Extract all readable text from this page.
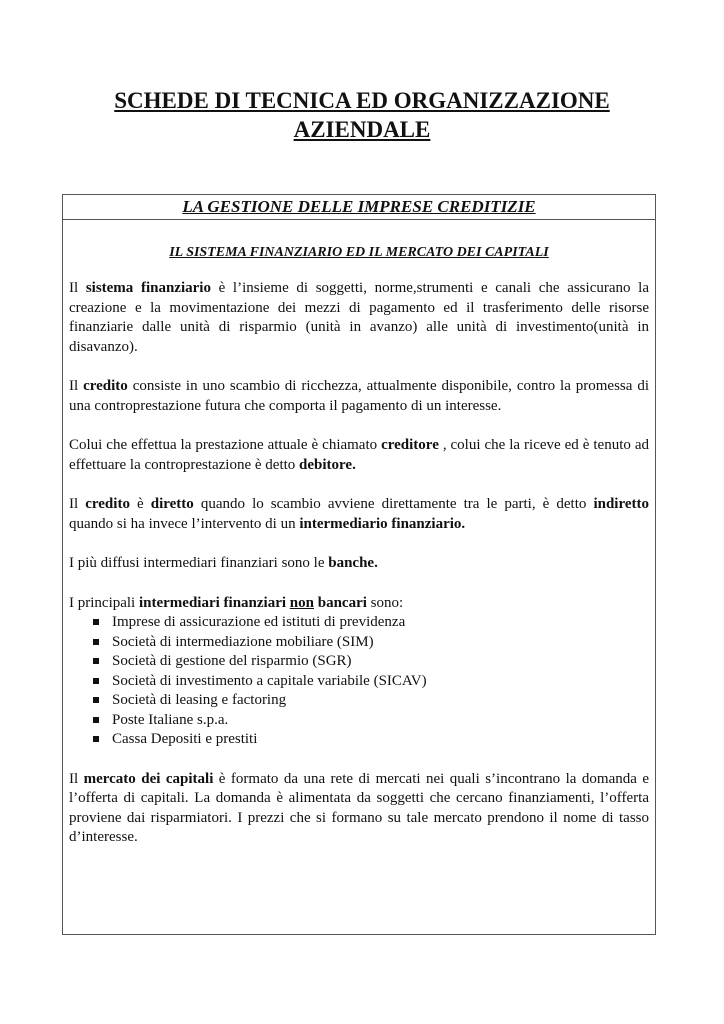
SCHEDE DI TECNICA ED ORGANIZZAZIONE
AZIENDALE
LA GESTIONE DELLE IMPRESE CREDITIZIE
IL SISTEMA FINANZIARIO ED IL MERCATO DEI CAPITALI

Il sistema finanziario è l’insieme di soggetti, norme,strumenti e canali che assicurano la creazione e la movimentazione dei mezzi di pagamento ed il trasferimento delle risorse finanziarie dalle unità di risparmio (unità in avanzo) alle unità di investimento(unità in disavanzo).

Il credito consiste in uno scambio di ricchezza, attualmente disponibile, contro la promessa di una controprestazione futura che comporta il pagamento di un interesse.

Colui che effettua la prestazione attuale è chiamato creditore , colui che la riceve ed è tenuto ad effettuare la controprestazione è detto debitore.

Il credito è diretto quando lo scambio avviene direttamente tra le parti, è detto indiretto quando si ha invece l’intervento di un intermediario finanziario.

I più diffusi intermediari finanziari sono le banche.

I principali intermediari finanziari non bancari sono:

Imprese di assicurazione ed istituti di previdenza
Società di intermediazione mobiliare (SIM)
Società di gestione del risparmio (SGR)
Società di investimento a capitale variabile (SICAV)
Società di leasing e factoring
Poste Italiane s.p.a.
Cassa Depositi e prestiti

Il mercato dei capitali è formato da una rete di mercati nei quali s’incontrano la domanda e l’offerta di capitali. La domanda è alimentata da soggetti che cercano finanziamenti, l’offerta proviene dai risparmiatori. I prezzi che si formano su tale mercato prendono il nome di tasso d’interesse.
